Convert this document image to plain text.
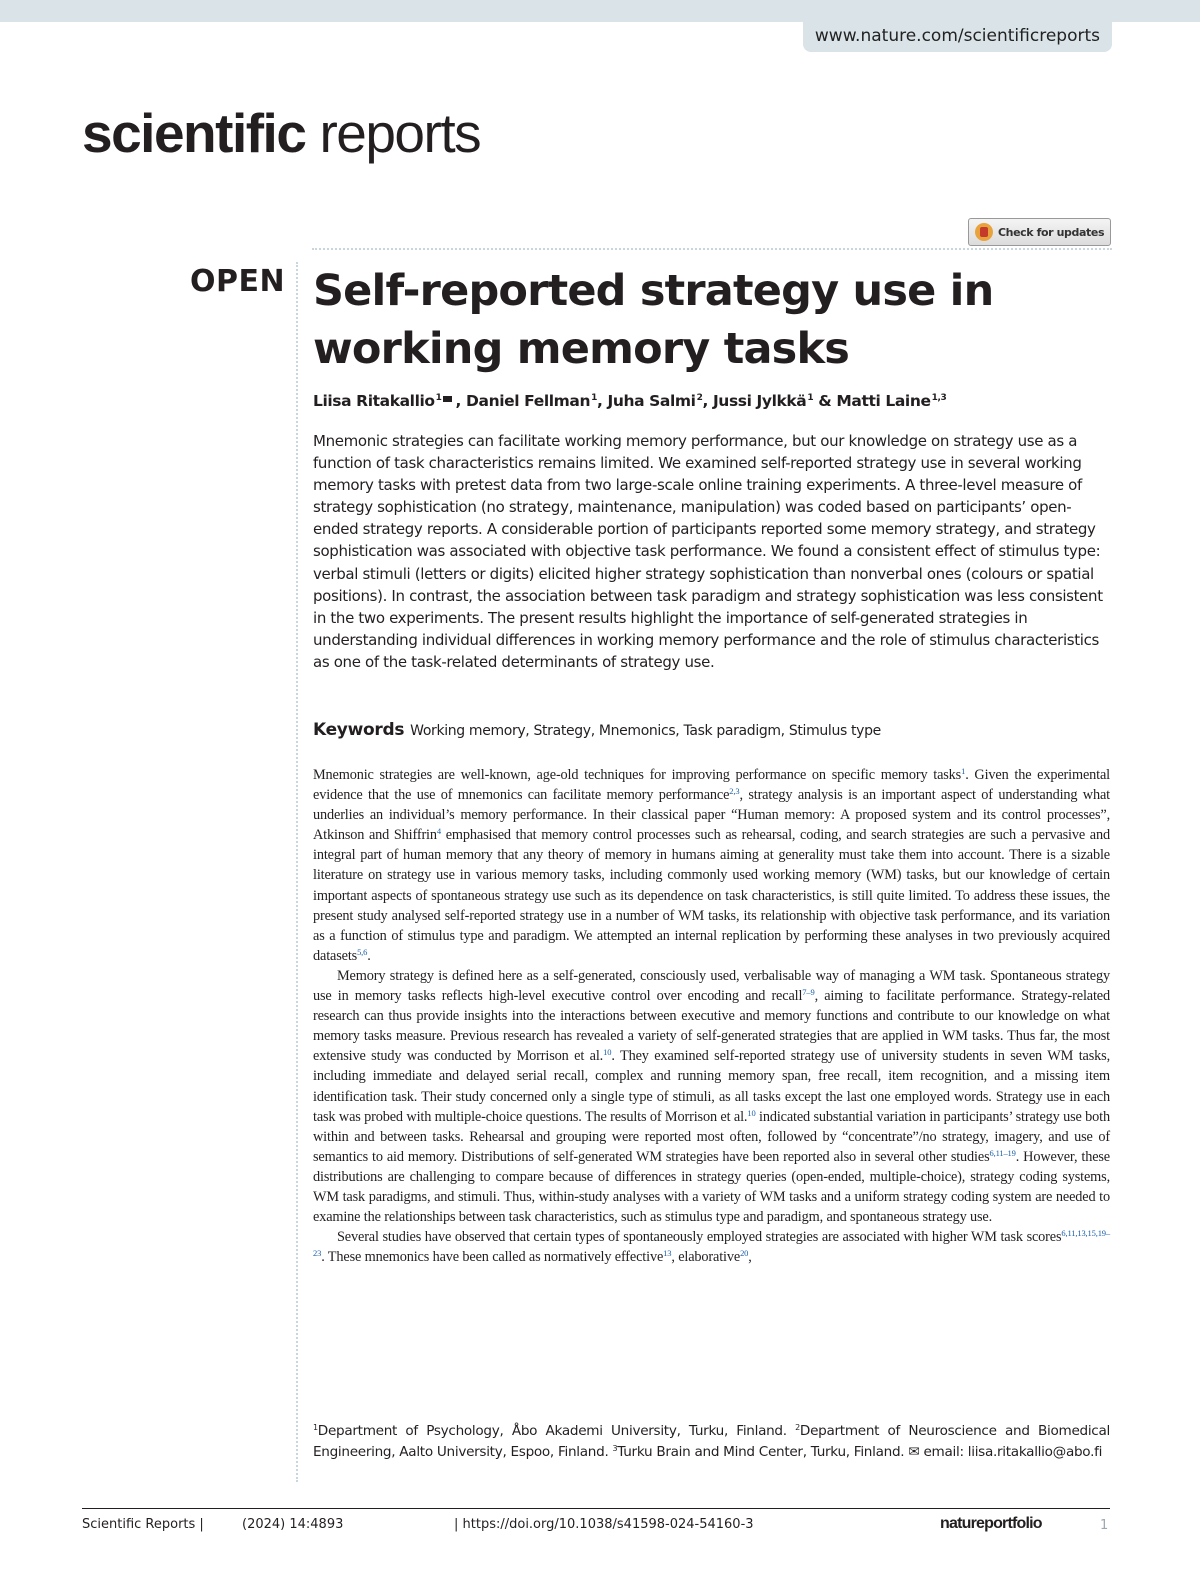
www.nature.com/scientificreports
scientific reports
Check for updates
OPEN Self-reported strategy use in working memory tasks
Liisa Ritakallio$^1$ , Daniel Fellman$^1$, Juha Salmi$^2$, Jussi Jylkkä$^1$ & Matti Laine$^{1,3}$

Mnemonic strategies can facilitate working memory performance, but our knowledge on strategy use as a function of task characteristics remains limited. We examined self-reported strategy use in several working memory tasks with pretest data from two large-scale online training experiments. A three-level measure of strategy sophistication (no strategy, maintenance, manipulation) was coded based on participants’ open-ended strategy reports. A considerable portion of participants reported some memory strategy, and strategy sophistication was associated with objective task performance. We found a consistent effect of stimulus type: verbal stimuli (letters or digits) elicited higher strategy sophistication than nonverbal ones (colours or spatial positions). In contrast, the association between task paradigm and strategy sophistication was less consistent in the two experiments. The present results highlight the importance of self-generated strategies in understanding individual differences in working memory performance and the role of stimulus characteristics as one of the task-related determinants of strategy use.

Keywords Working memory, Strategy, Mnemonics, Task paradigm, Stimulus type

Mnemonic strategies are well-known, age-old techniques for improving performance on specific memory tasks$^1$. Given the experimental evidence that the use of mnemonics can facilitate memory performance$^{2,3}$, strategy analysis is an important aspect of understanding what underlies an individual’s memory performance. In their classical paper “Human memory: A proposed system and its control processes”, Atkinson and Shiffrin$^4$ emphasised that memory control processes such as rehearsal, coding, and search strategies are such a pervasive and integral part of human memory that any theory of memory in humans aiming at generality must take them into account. There is a sizable literature on strategy use in various memory tasks, including commonly used working memory (WM) tasks, but our knowledge of certain important aspects of spontaneous strategy use such as its dependence on task characteristics, is still quite limited. To address these issues, the present study analysed self-reported strategy use in a number of WM tasks, its relationship with objective task performance, and its variation as a function of stimulus type and paradigm. We attempted an internal replication by performing these analyses in two previously acquired datasets$^{5,6}$.

Memory strategy is defined here as a self-generated, consciously used, verbalisable way of managing a WM task. Spontaneous strategy use in memory tasks reflects high-level executive control over encoding and recall$^{7-9}$, aiming to facilitate performance. Strategy-related research can thus provide insights into the interactions between executive and memory functions and contribute to our knowledge on what memory tasks measure. Previous research has revealed a variety of self-generated strategies that are applied in WM tasks. Thus far, the most extensive study was conducted by Morrison et al.$^{10}$. They examined self-reported strategy use of university students in seven WM tasks, including immediate and delayed serial recall, complex and running memory span, free recall, item recognition, and a missing item identification task. Their study concerned only a single type of stimuli, as all tasks except the last one employed words. Strategy use in each task was probed with multiple-choice questions. The results of Morrison et al.$^{10}$ indicated substantial variation in participants’ strategy use both within and between tasks. Rehearsal and grouping were reported most often, followed by “concentrate”/no strategy, imagery, and use of semantics to aid memory. Distributions of self-generated WM strategies have been reported also in several other studies$^{6,11-19}$. However, these distributions are challenging to compare because of differences in strategy queries (open-ended, multiple-choice), strategy coding systems, WM task paradigms, and stimuli. Thus, within-study analyses with a variety of WM tasks and a uniform strategy coding system are needed to examine the relationships between task characteristics, such as stimulus type and paradigm, and spontaneous strategy use.

Several studies have observed that certain types of spontaneously employed strategies are associated with higher WM task scores$^{6,11,13,15,19-23}$. These mnemonics have been called as normatively effective$^{13}$, elaborative$^{20}$,

$^1$Department of Psychology, Åbo Akademi University, Turku, Finland. $^2$Department of Neuroscience and Biomedical Engineering, Aalto University, Espoo, Finland. $^3$Turku Brain and Mind Center, Turku, Finland. ✉ email: liisa.ritakallio@abo.fi
Scientific Reports |	(2024) 14:4893	| https://doi.org/10.1038/s41598-024-54160-3	natureportfolio	1
